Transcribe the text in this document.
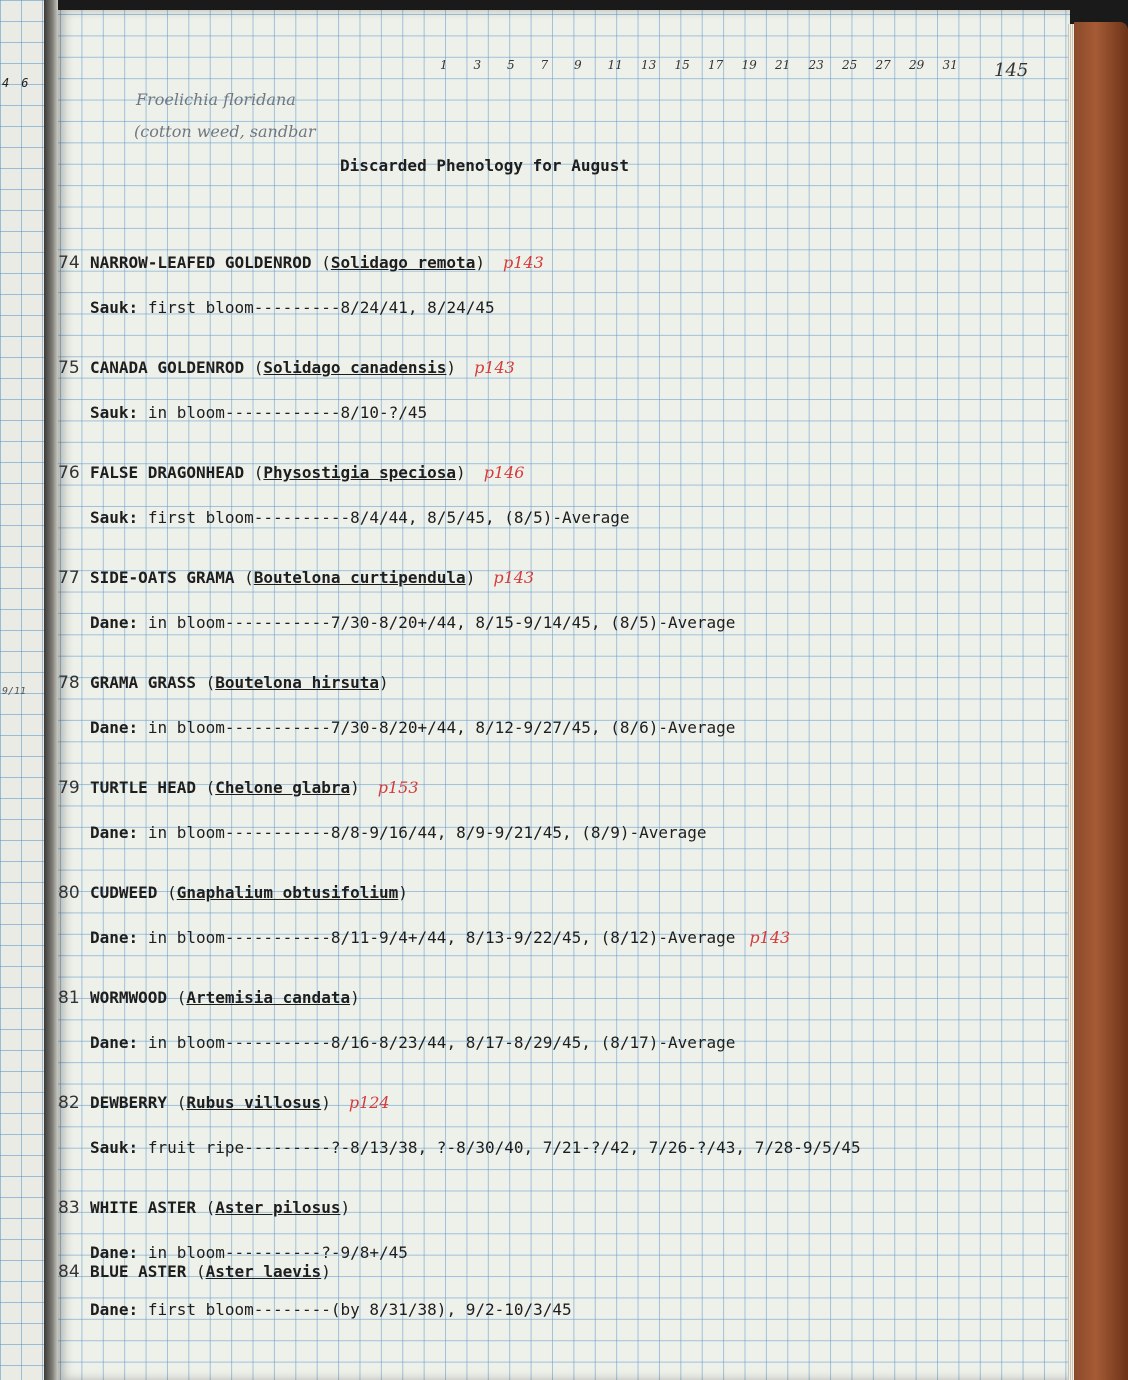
4 6
9/11
1 3 5 7 9 11 13 15 17 19 21 23 25 27 29 31	145
Froelichia floridana
(cotton weed, sandbar
Discarded Phenology for August
74 NARROW-LEAFED GOLDENROD (Solidago remota) p143
Sauk: first bloom---------8/24/41, 8/24/45
75 CANADA GOLDENROD (Solidago canadensis) p143
Sauk: in bloom------------8/10-?/45
76 FALSE DRAGONHEAD (Physostigia speciosa) p146
Sauk: first bloom----------8/4/44, 8/5/45, (8/5)-Average
77 SIDE-OATS GRAMA (Boutelona curtipendula) p143
Dane: in bloom-----------7/30-8/20+/44, 8/15-9/14/45, (8/5)-Average
78 GRAMA GRASS (Boutelona hirsuta)
Dane: in bloom-----------7/30-8/20+/44, 8/12-9/27/45, (8/6)-Average
79 TURTLE HEAD (Chelone glabra) p153
Dane: in bloom-----------8/8-9/16/44, 8/9-9/21/45, (8/9)-Average
80 CUDWEED (Gnaphalium obtusifolium)
Dane: in bloom-----------8/11-9/4+/44, 8/13-9/22/45, (8/12)-Average p143
81 WORMWOOD (Artemisia candata)
Dane: in bloom-----------8/16-8/23/44, 8/17-8/29/45, (8/17)-Average
82 DEWBERRY (Rubus villosus) p124
Sauk: fruit ripe---------?-8/13/38, ?-8/30/40, 7/21-?/42, 7/26-?/43, 7/28-9/5/45
83 WHITE ASTER (Aster pilosus)
Dane: in bloom----------?-9/8+/45
84 BLUE ASTER (Aster laevis)
Dane: first bloom--------(by 8/31/38), 9/2-10/3/45
